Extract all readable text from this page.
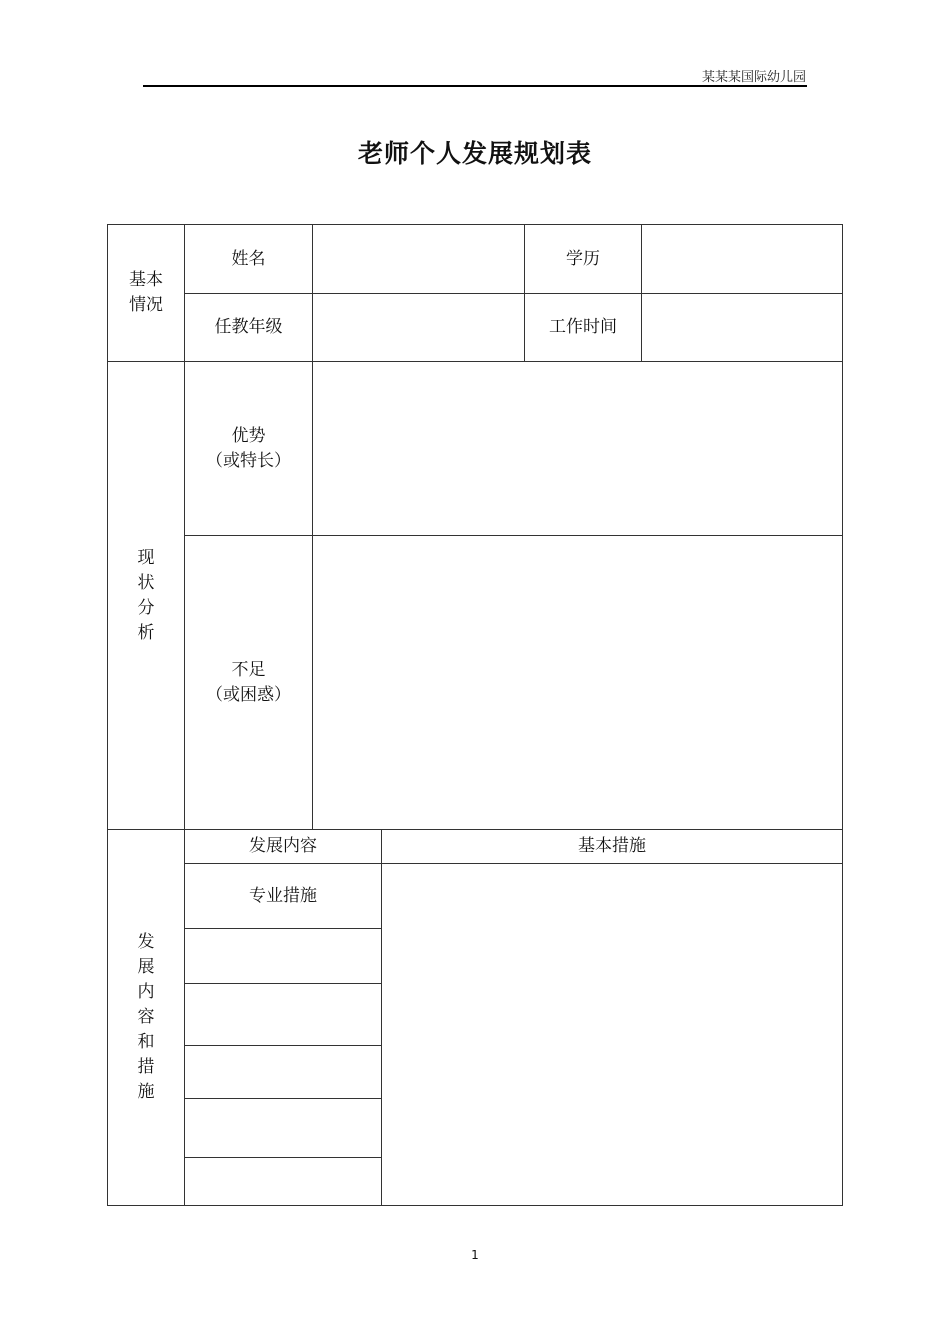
某某某国际幼儿园
老师个人发展规划表
基本
情况
姓名	学历
任教年级	工作时间
现
状
分
析
优势
（或特长）
不足
（或困惑）
发
展
内
容
和
措
施
发展内容	基本措施
专业措施
1
